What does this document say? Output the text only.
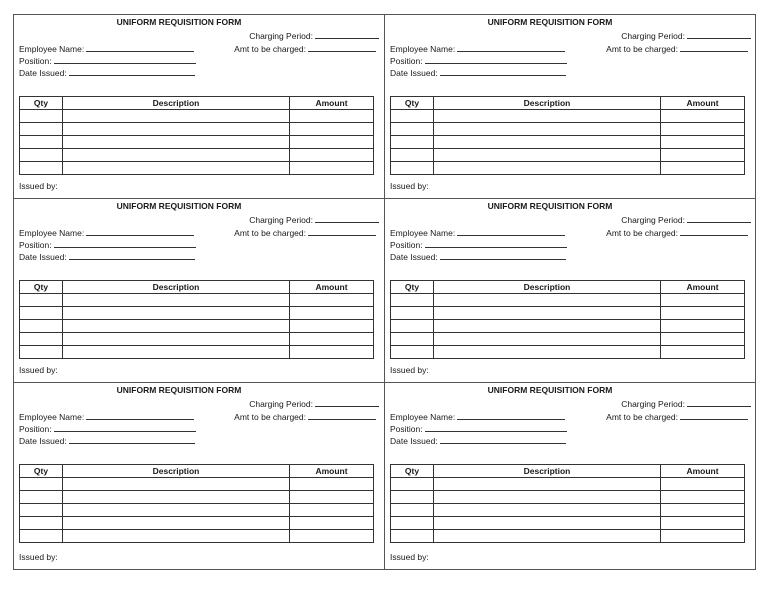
UNIFORM REQUISITION FORM
Charging Period:
Amt to be charged:
Employee Name:
Position:
Date Issued:
Qty	Description	Amount

Issued by:
UNIFORM REQUISITION FORM
Charging Period:
Amt to be charged:
Employee Name:
Position:
Date Issued:
Qty	Description	Amount

Issued by:
UNIFORM REQUISITION FORM
Charging Period:
Amt to be charged:
Employee Name:
Position:
Date Issued:
Qty	Description	Amount

Issued by:
UNIFORM REQUISITION FORM
Charging Period:
Amt to be charged:
Employee Name:
Position:
Date Issued:
Qty	Description	Amount

Issued by:
UNIFORM REQUISITION FORM
Charging Period:
Amt to be charged:
Employee Name:
Position:
Date Issued:
Qty	Description	Amount

Issued by:
UNIFORM REQUISITION FORM
Charging Period:
Amt to be charged:
Employee Name:
Position:
Date Issued:
Qty	Description	Amount

Issued by:
